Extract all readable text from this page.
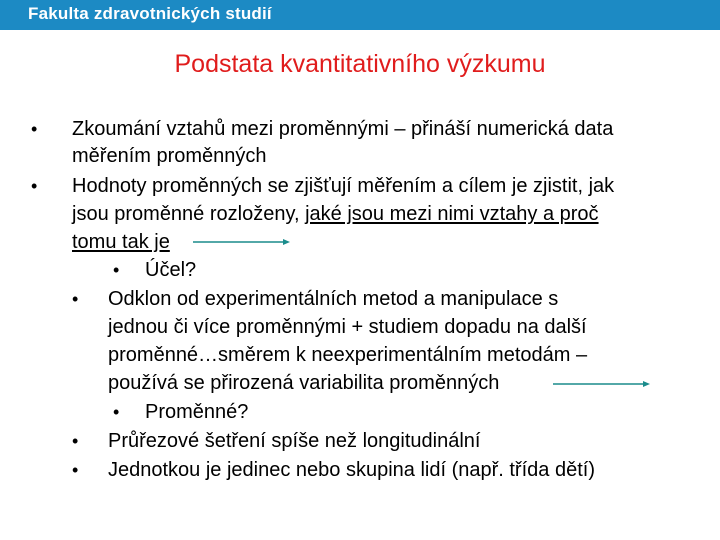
Fakulta zdravotnických studií
Podstata kvantitativního výzkumu
• Zkoumání vztahů mezi proměnnými – přináší numerická data
měřením proměnných
• Hodnoty proměnných se zjišťují měřením a cílem je zjistit, jak
jsou proměnné rozloženy, jaké jsou mezi nimi vztahy a proč
tomu tak je
• Účel?
• Odklon od experimentálních metod a manipulace s
jednou či více proměnnými + studiem dopadu na další
proměnné…směrem k neexperimentálním metodám –
používá se přirozená variabilita proměnných
• Proměnné?
• Průřezové šetření spíše než longitudinální
• Jednotkou je jedinec nebo skupina lidí (např. třída dětí)
